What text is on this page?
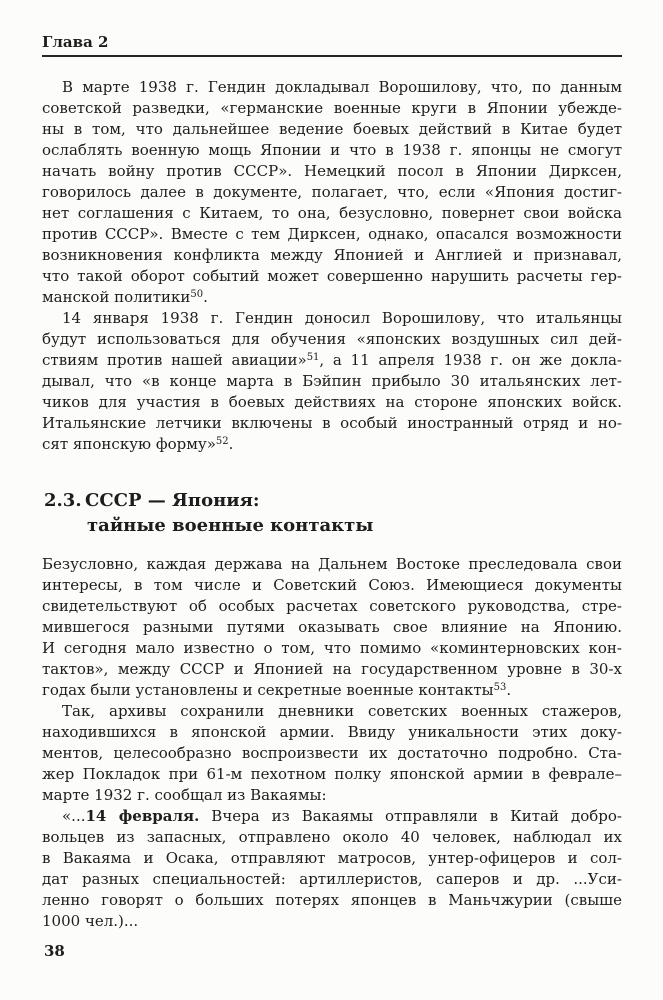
Глава 2
В марте 1938 г. Гендин докладывал Ворошилову, что, по данным
советской разведки, «германские военные круги в Японии убежде-
ны в том, что дальнейшее ведение боевых действий в Китае будет
ослаблять военную мощь Японии и что в 1938 г. японцы не смогут
начать войну против СССР». Немецкий посол в Японии Дирксен,
говорилось далее в документе, полагает, что, если «Япония достиг-
нет соглашения с Китаем, то она, безусловно, повернет свои войска
против СССР». Вместе с тем Дирксен, однако, опасался возможности
возникновения конфликта между Японией и Англией и признавал,
что такой оборот событий может совершенно нарушить расчеты гер-
манской политики$^{50}$.
14 января 1938 г. Гендин доносил Ворошилову, что итальянцы
будут использоваться для обучения «японских воздушных сил дей-
ствиям против нашей авиации»$^{51}$, а 11 апреля 1938 г. он же докла-
дывал, что «в конце марта в Бэйпин прибыло 30 итальянских лет-
чиков для участия в боевых действиях на стороне японских войск.
Итальянские летчики включены в особый иностранный отряд и но-
сят японскую форму»$^{52}$.
2.3. СССР — Япония:
тайные военные контакты
Безусловно, каждая держава на Дальнем Востоке преследовала свои
интересы, в том числе и Советский Союз. Имеющиеся документы
свидетельствуют об особых расчетах советского руководства, стре-
мившегося разными путями оказывать свое влияние на Японию.
И сегодня мало известно о том, что помимо «коминтерновских кон-
тактов», между СССР и Японией на государственном уровне в 30-х
годах были установлены и секретные военные контакты$^{53}$.
Так, архивы сохранили дневники советских военных стажеров,
находившихся в японской армии. Ввиду уникальности этих доку-
ментов, целесообразно воспроизвести их достаточно подробно. Ста-
жер Покладок при 61-м пехотном полку японской армии в феврале–
марте 1932 г. сообщал из Вакаямы:
«...14 февраля. Вчера из Вакаямы отправляли в Китай добро-
вольцев из запасных, отправлено около 40 человек, наблюдал их
в Вакаяма и Осака, отправляют матросов, унтер-офицеров и сол-
дат разных специальностей: артиллеристов, саперов и др. ...Уси-
ленно говорят о больших потерях японцев в Маньчжурии (свыше
1000 чел.)...
38
